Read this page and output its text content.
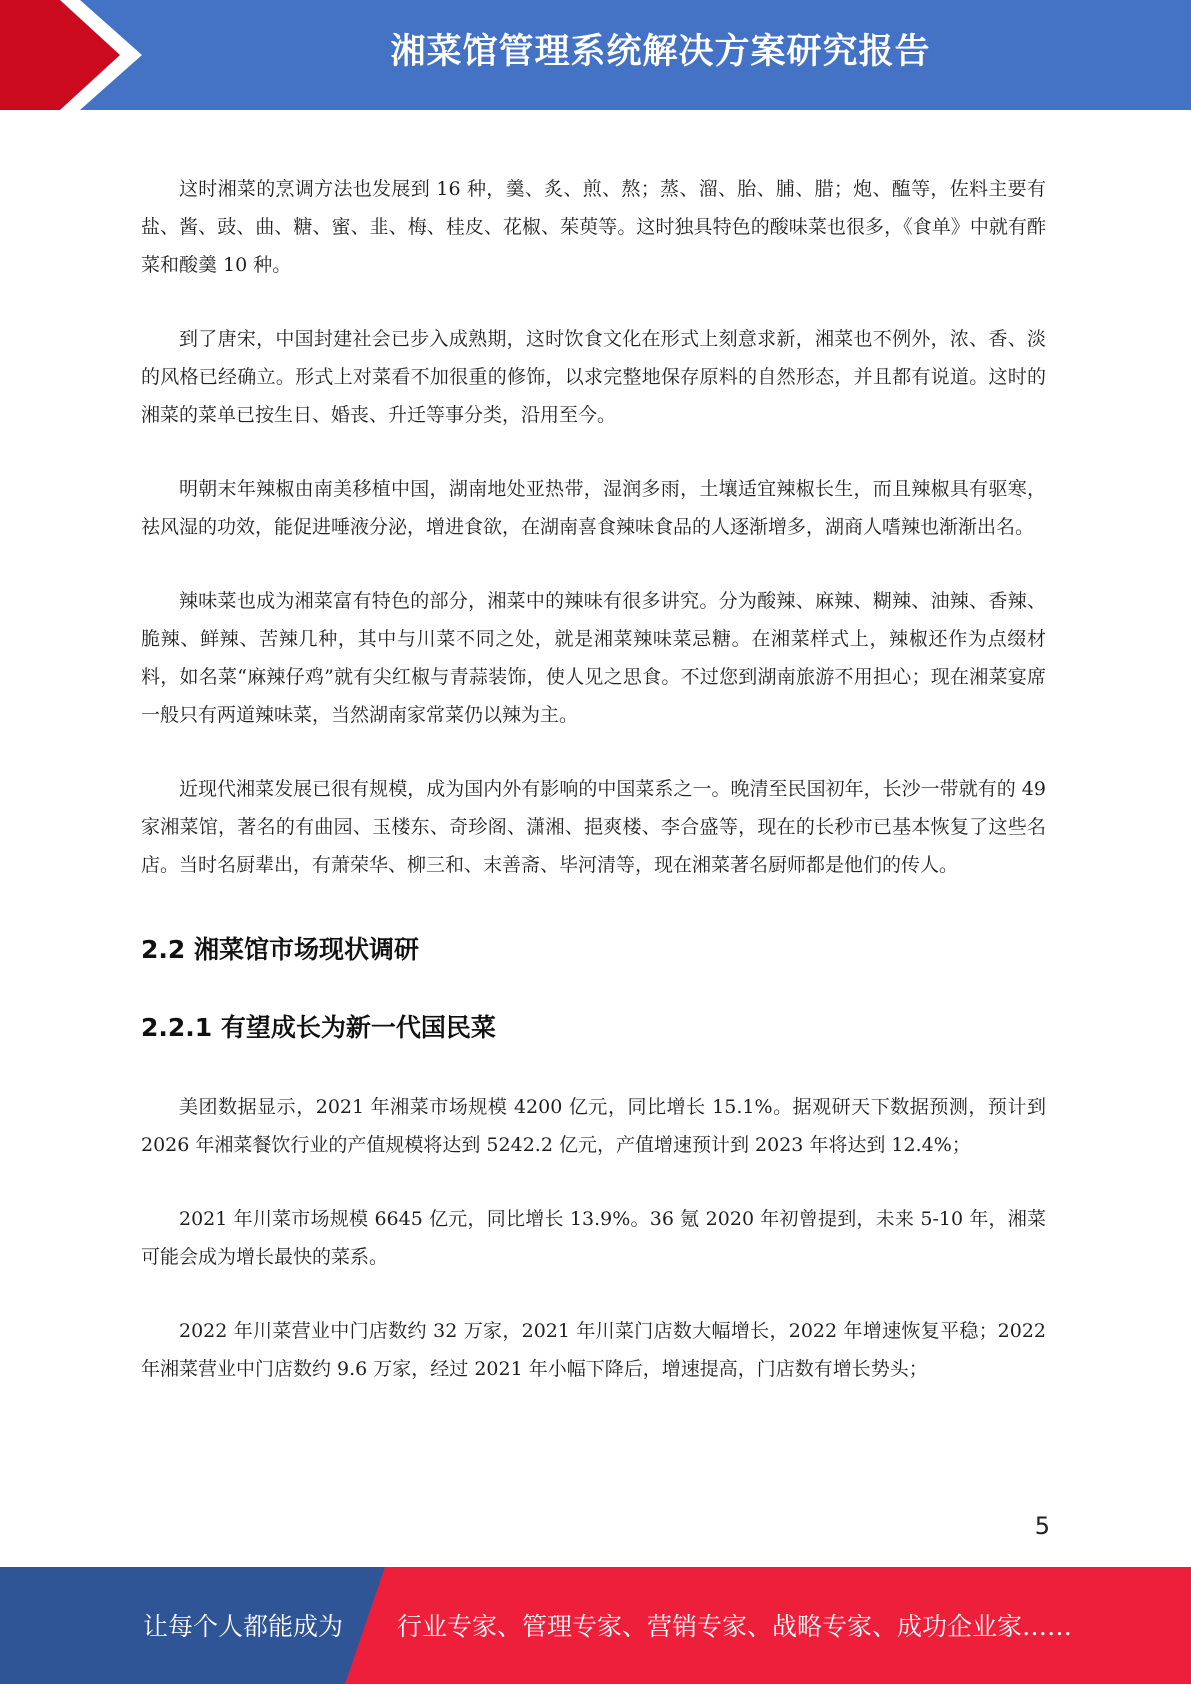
湘菜馆管理系统解决方案研究报告

这时湘菜的烹调方法也发展到 16 种，羹、炙、煎、熬；蒸、溜、胎、脯、腊；炮、醢等，佐料主要有盐、酱、豉、曲、糖、蜜、韭、梅、桂皮、花椒、茱萸等。这时独具特色的酸味菜也很多，《食单》中就有酢菜和酸羹 10 种。

到了唐宋，中国封建社会已步入成熟期，这时饮食文化在形式上刻意求新，湘菜也不例外，浓、香、淡的风格已经确立。形式上对菜看不加很重的修饰，以求完整地保存原料的自然形态，并且都有说道。这时的湘菜的菜单已按生日、婚丧、升迁等事分类，沿用至今。

明朝末年辣椒由南美移植中国，湖南地处亚热带，湿润多雨，土壤适宜辣椒长生，而且辣椒具有驱寒，祛风湿的功效，能促进唾液分泌，增进食欲，在湖南喜食辣味食品的人逐渐增多，湖商人嗜辣也渐渐出名。

辣味菜也成为湘菜富有特色的部分，湘菜中的辣味有很多讲究。分为酸辣、麻辣、糊辣、油辣、香辣、脆辣、鲜辣、苦辣几种，其中与川菜不同之处，就是湘菜辣味菜忌糖。在湘菜样式上，辣椒还作为点缀材料，如名菜“麻辣仔鸡”就有尖红椒与青蒜装饰，使人见之思食。不过您到湖南旅游不用担心；现在湘菜宴席一般只有两道辣味菜，当然湖南家常菜仍以辣为主。

近现代湘菜发展已很有规模，成为国内外有影响的中国菜系之一。晚清至民国初年，长沙一带就有的 49 家湘菜馆，著名的有曲园、玉楼东、奇珍阁、潇湘、挹爽楼、李合盛等，现在的长秒市已基本恢复了这些名店。当时名厨辈出，有萧荣华、柳三和、末善斋、毕河清等，现在湘菜著名厨师都是他们的传人。

2.2 湘菜馆市场现状调研
2.2.1 有望成长为新一代国民菜

美团数据显示，2021 年湘菜市场规模 4200 亿元，同比增长 15.1%。据观研天下数据预测，预计到 2026 年湘菜餐饮行业的产值规模将达到 5242.2 亿元，产值增速预计到 2023 年将达到 12.4%；

2021 年川菜市场规模 6645 亿元，同比增长 13.9%。36 氪 2020 年初曾提到，未来 5-10 年，湘菜可能会成为增长最快的菜系。

2022 年川菜营业中门店数约 32 万家，2021 年川菜门店数大幅增长，2022 年增速恢复平稳；2022 年湘菜营业中门店数约 9.6 万家，经过 2021 年小幅下降后，增速提高，门店数有增长势头；

5
让每个人都能成为 行业专家、管理专家、营销专家、战略专家、成功企业家……
